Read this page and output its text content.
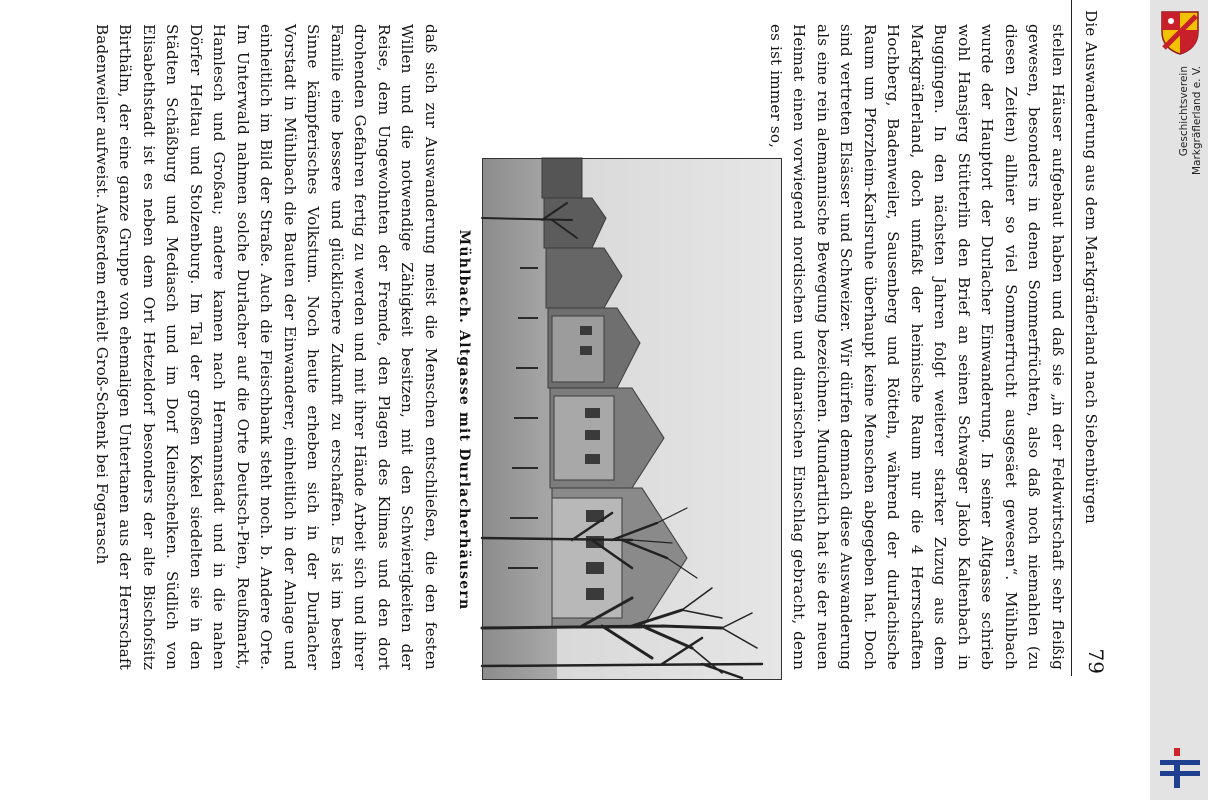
Die Auswanderung aus dem Markgräflerland nach Siebenbürgen
79

stellen Häuser aufgebaut haben und daß sie „in der Feldwirtschaft sehr fleißig gewesen, besonders in denen Sommerfrüchten, also daß noch niemahlen (zu diesen Zeiten) allhier so viel Sommerfrucht ausgesäet gewesen“. Mühlbach wurde der Hauptort der Durlacher Einwanderung. In seiner Altgasse schrieb wohl Hansjerg Stütterlin den Brief an seinen Schwager Jakob Kaltenbach in Buggingen. In den nächsten Jahren folgt weiterer starker Zuzug aus dem Markgräflerland, doch umfaßt der heimische Raum nur die 4 Herrschaften Hochberg, Badenweiler, Sausenberg und Rötteln, während der durlachische Raum um Pforzheim-Karlsruhe überhaupt keine Menschen abgegeben hat. Doch sind vertreten Elsässer und Schweizer. Wir dürfen demnach diese Auswanderung als eine rein alemannische Bewegung bezeichnen. Mundartlich hat sie der neuen Heimat einen vorwiegend nordischen und dinarischen Einschlag gebracht, denn es ist immer so,

Mühlbach. Altgasse mit Durlacherhäusern

daß sich zur Auswanderung meist die Menschen entschließen, die den festen Willen und die notwendige Zähigkeit besitzen, mit den Schwierigkeiten der Reise, dem Ungewohnten der Fremde, den Plagen des Klimas und den dort drohenden Gefahren fertig zu werden und mit ihrer Hände Arbeit sich und ihrer Familie eine bessere und glücklichere Zukunft zu erschaffen. Es ist im besten Sinne kämpferisches Volkstum. Noch heute erheben sich in der Durlacher Vorstadt in Mühlbach die Bauten der Einwanderer, einheitlich in der Anlage und einheitlich im Bild der Straße. Auch die Fleischbank steht noch. b. Andere Orte. Im Unterwald nahmen solche Durlacher auf die Orte Deutsch-Pien, Reußmarkt, Hamlesch und Großau; andere kamen nach Hermannstadt und in die nahen Dörfer Heltau und Stolzenburg. Im Tal der großen Kokel siedelten sie in den Städten Schäßburg und Mediasch und im Dorf Kleinschelken. Südlich von Elisabethstadt ist es neben dem Ort Hetzeldorf besonders der alte Bischofsitz Birthälm, der eine ganze Gruppe von ehemaligen Untertanen aus der Herrschaft Badenweiler aufweist. Außerdem erhielt Groß-Schenk bei Fogarasch	Geschichtsverein Markgräflerland e. V.
